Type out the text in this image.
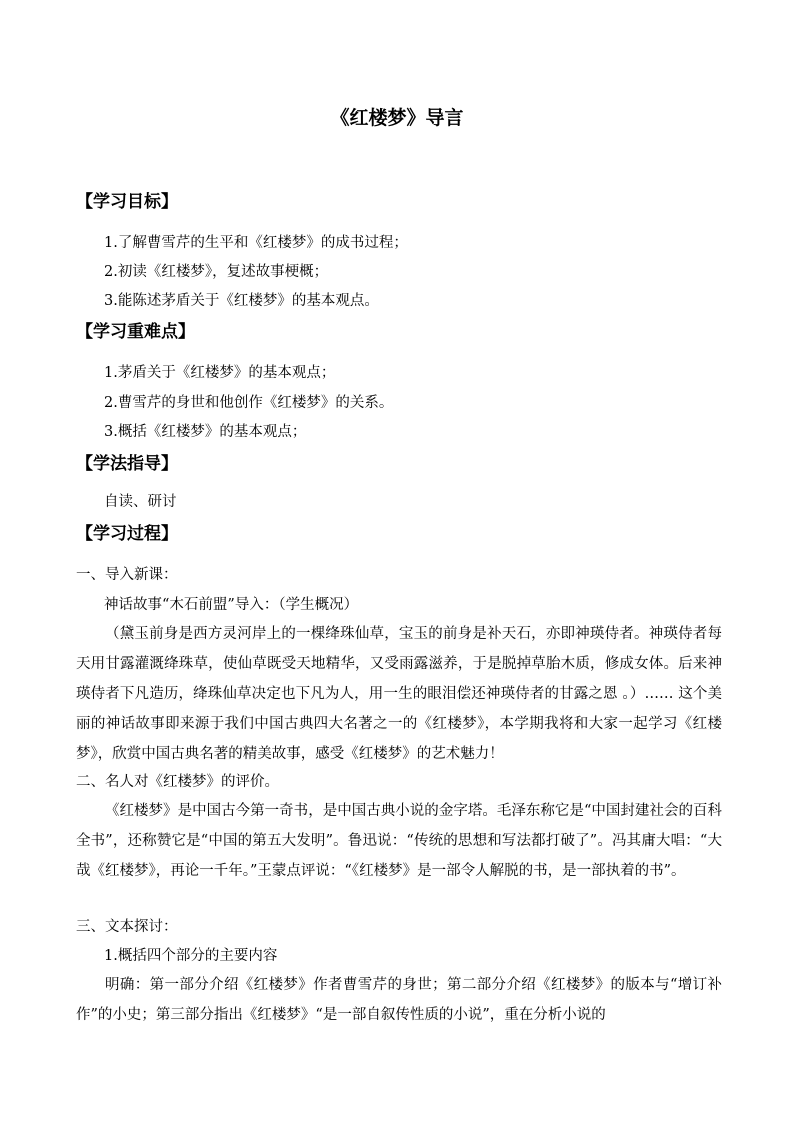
《红楼梦》导言
【学习目标】
1.了解曹雪芹的生平和《红楼梦》的成书过程；
2.初读《红楼梦》，复述故事梗概；
3.能陈述茅盾关于《红楼梦》的基本观点。
【学习重难点】
1.茅盾关于《红楼梦》的基本观点；
2.曹雪芹的身世和他创作《红楼梦》的关系。
3.概括《红楼梦》的基本观点；
【学法指导】
自读、研讨
【学习过程】
一、导入新课：
神话故事“木石前盟”导入：（学生概况）
（黛玉前身是西方灵河岸上的一棵绛珠仙草，宝玉的前身是补天石，亦即神瑛侍者。神瑛侍者每天用甘露灌溉绛珠草，使仙草既受天地精华，又受雨露滋养，于是脱掉草胎木质，修成女体。后来神瑛侍者下凡造历，绛珠仙草决定也下凡为人，用一生的眼泪偿还神瑛侍者的甘露之恩 。）…… 这个美丽的神话故事即来源于我们中国古典四大名著之一的《红楼梦》，本学期我将和大家一起学习《红楼梦》，欣赏中国古典名著的精美故事，感受《红楼梦》的艺术魅力！
二、名人对《红楼梦》的评价。
《红楼梦》是中国古今第一奇书，是中国古典小说的金字塔。毛泽东称它是“中国封建社会的百科全书”，还称赞它是“中国的第五大发明”。鲁迅说：“传统的思想和写法都打破了”。冯其庸大唱：“大哉《红楼梦》，再论一千年。”王蒙点评说：“《红楼梦》是一部令人解脱的书，是一部执着的书”。
三、文本探讨：
1.概括四个部分的主要内容
明确：第一部分介绍《红楼梦》作者曹雪芹的身世；第二部分介绍《红楼梦》的版本与“增订补作”的小史；第三部分指出《红楼梦》“是一部自叙传性质的小说”，重在分析小说的
